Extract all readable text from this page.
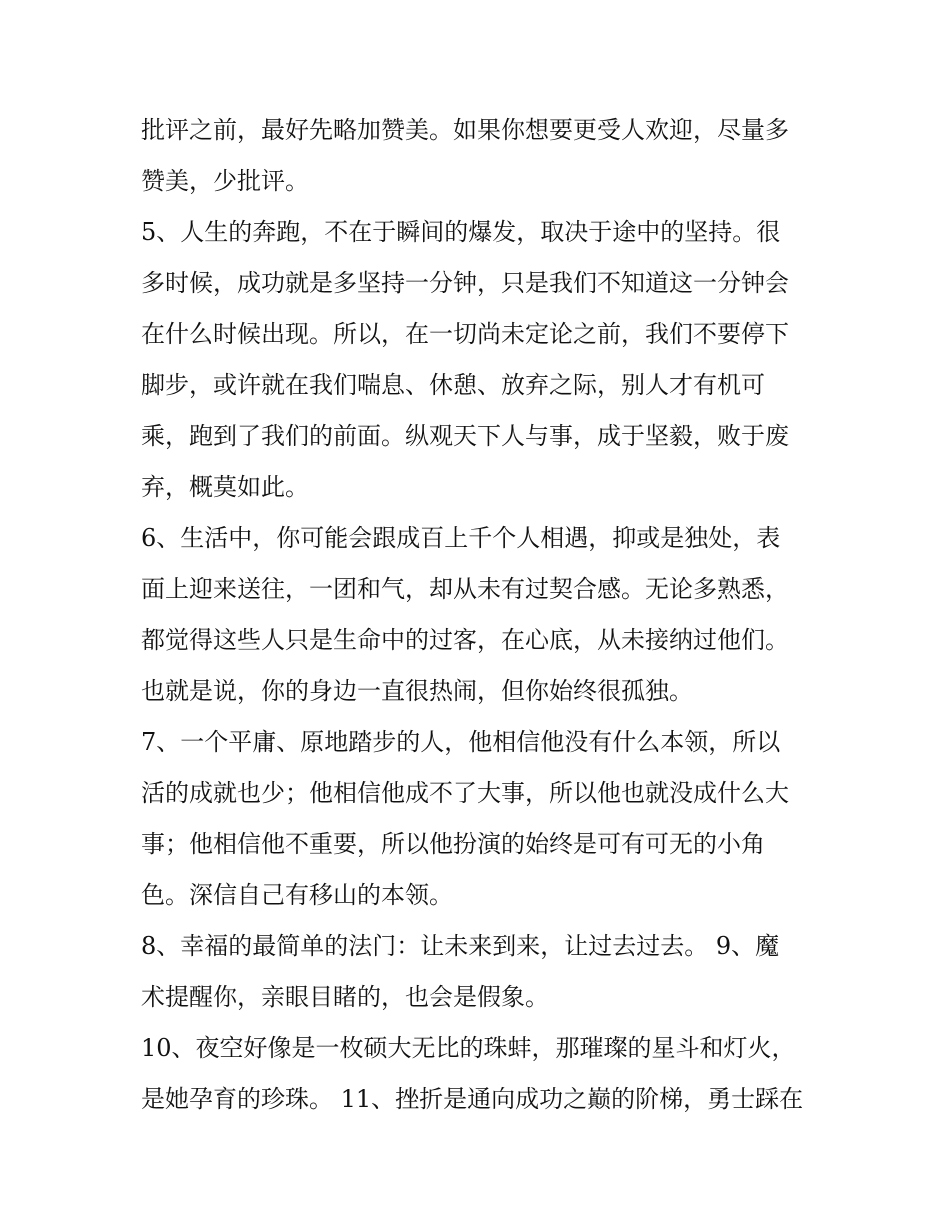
批评之前，最好先略加赞美。如果你想要更受人欢迎，尽量多
赞美，少批评。
5、人生的奔跑，不在于瞬间的爆发，取决于途中的坚持。很
多时候，成功就是多坚持一分钟，只是我们不知道这一分钟会
在什么时候出现。所以，在一切尚未定论之前，我们不要停下
脚步，或许就在我们喘息、休憩、放弃之际，别人才有机可
乘，跑到了我们的前面。纵观天下人与事，成于坚毅，败于废
弃，概莫如此。
6、生活中，你可能会跟成百上千个人相遇，抑或是独处，表
面上迎来送往，一团和气，却从未有过契合感。无论多熟悉，
都觉得这些人只是生命中的过客，在心底，从未接纳过他们。
也就是说，你的身边一直很热闹，但你始终很孤独。
7、一个平庸、原地踏步的人，他相信他没有什么本领，所以
活的成就也少；他相信他成不了大事，所以他也就没成什么大
事；他相信他不重要，所以他扮演的始终是可有可无的小角
色。深信自己有移山的本领。
8、幸福的最简单的法门：让未来到来，让过去过去。 9、魔
术提醒你，亲眼目睹的，也会是假象。
10、夜空好像是一枚硕大无比的珠蚌，那璀璨的星斗和灯火，
是她孕育的珍珠。 11、挫折是通向成功之巅的阶梯，勇士踩在
